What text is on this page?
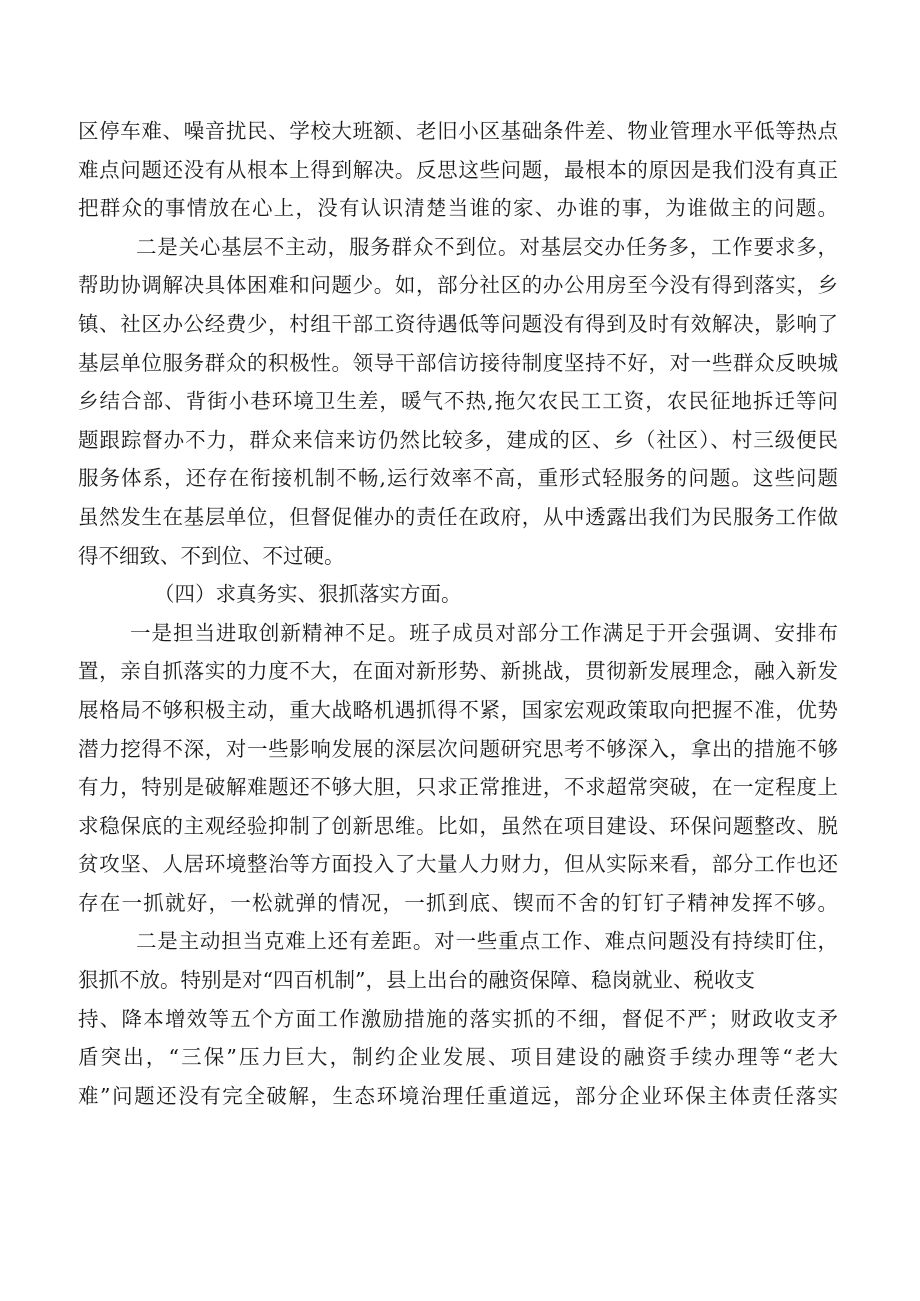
区停车难、噪音扰民、学校大班额、老旧小区基础条件差、物业管理水平低等热点
难点问题还没有从根本上得到解决。反思这些问题，最根本的原因是我们没有真正
把群众的事情放在心上，没有认识清楚当谁的家、办谁的事，为谁做主的问题。
二是关心基层不主动，服务群众不到位。对基层交办任务多，工作要求多，
帮助协调解决具体困难和问题少。如，部分社区的办公用房至今没有得到落实，乡
镇、社区办公经费少，村组干部工资待遇低等问题没有得到及时有效解决，影响了
基层单位服务群众的积极性。领导干部信访接待制度坚持不好，对一些群众反映城
乡结合部、背街小巷环境卫生差，暖气不热,拖欠农民工工资，农民征地拆迁等问
题跟踪督办不力，群众来信来访仍然比较多，建成的区、乡（社区）、村三级便民
服务体系，还存在衔接机制不畅,运行效率不高，重形式轻服务的问题。这些问题
虽然发生在基层单位，但督促催办的责任在政府，从中透露出我们为民服务工作做
得不细致、不到位、不过硬。
（四）求真务实、狠抓落实方面。
一是担当进取创新精神不足。班子成员对部分工作满足于开会强调、安排布
置，亲自抓落实的力度不大，在面对新形势、新挑战，贯彻新发展理念，融入新发
展格局不够积极主动，重大战略机遇抓得不紧，国家宏观政策取向把握不准，优势
潜力挖得不深，对一些影响发展的深层次问题研究思考不够深入，拿出的措施不够
有力，特别是破解难题还不够大胆，只求正常推进，不求超常突破，在一定程度上
求稳保底的主观经验抑制了创新思维。比如，虽然在项目建设、环保问题整改、脱
贫攻坚、人居环境整治等方面投入了大量人力财力，但从实际来看，部分工作也还
存在一抓就好，一松就弹的情况，一抓到底、锲而不舍的钉钉子精神发挥不够。
二是主动担当克难上还有差距。对一些重点工作、难点问题没有持续盯住，
狠抓不放。特别是对“四百机制”，县上出台的融资保障、稳岗就业、税收支
持、降本增效等五个方面工作激励措施的落实抓的不细，督促不严；财政收支矛
盾突出，“三保”压力巨大，制约企业发展、项目建设的融资手续办理等“老大
难”问题还没有完全破解，生态环境治理任重道远，部分企业环保主体责任落实
